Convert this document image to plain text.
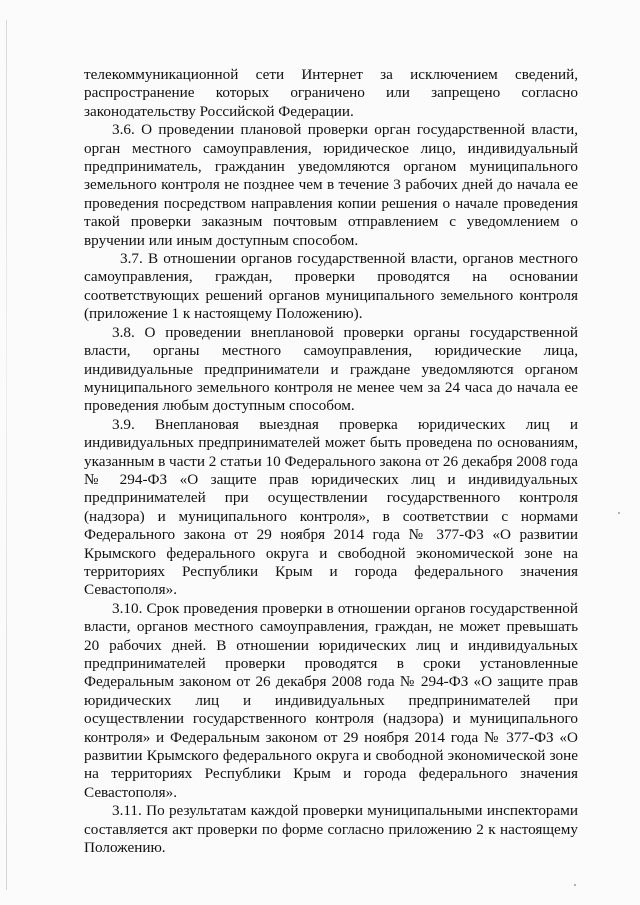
телекоммуникационной сети Интернет за исключением сведений, распространение которых ограничено или запрещено согласно законодательству Российской Федерации.

3.6. О проведении плановой проверки орган государственной власти, орган местного самоуправления, юридическое лицо, индивидуальный предприниматель, гражданин уведомляются органом муниципального земельного контроля не позднее чем в течение 3 рабочих дней до начала ее проведения посредством направления копии решения о начале проведения такой проверки заказным почтовым отправлением с уведомлением о вручении или иным доступным способом.

3.7. В отношении органов государственной власти, органов местного самоуправления, граждан, проверки проводятся на основании соответствующих решений органов муниципального земельного контроля (приложение 1 к настоящему Положению).

3.8. О проведении внеплановой проверки органы государственной власти, органы местного самоуправления, юридические лица, индивидуальные предприниматели и граждане уведомляются органом муниципального земельного контроля не менее чем за 24 часа до начала ее проведения любым доступным способом.

3.9. Внеплановая выездная проверка юридических лиц и индивидуальных предпринимателей может быть проведена по основаниям, указанным в части 2 статьи 10 Федерального закона от 26 декабря 2008 года № 294-ФЗ «О защите прав юридических лиц и индивидуальных предпринимателей при осуществлении государственного контроля (надзора) и муниципального контроля», в соответствии с нормами Федерального закона от 29 ноября 2014 года № 377-ФЗ «О развитии Крымского федерального округа и свободной экономической зоне на территориях Республики Крым и города федерального значения Севастополя».

3.10. Срок проведения проверки в отношении органов государственной власти, органов местного самоуправления, граждан, не может превышать 20 рабочих дней. В отношении юридических лиц и индивидуальных предпринимателей проверки проводятся в сроки установленные Федеральным законом от 26 декабря 2008 года № 294-ФЗ «О защите прав юридических лиц и индивидуальных предпринимателей при осуществлении государственного контроля (надзора) и муниципального контроля» и Федеральным законом от 29 ноября 2014 года № 377-ФЗ «О развитии Крымского федерального округа и свободной экономической зоне на территориях Республики Крым и города федерального значения Севастополя».

3.11. По результатам каждой проверки муниципальными инспекторами составляется акт проверки по форме согласно приложению 2 к настоящему Положению.
